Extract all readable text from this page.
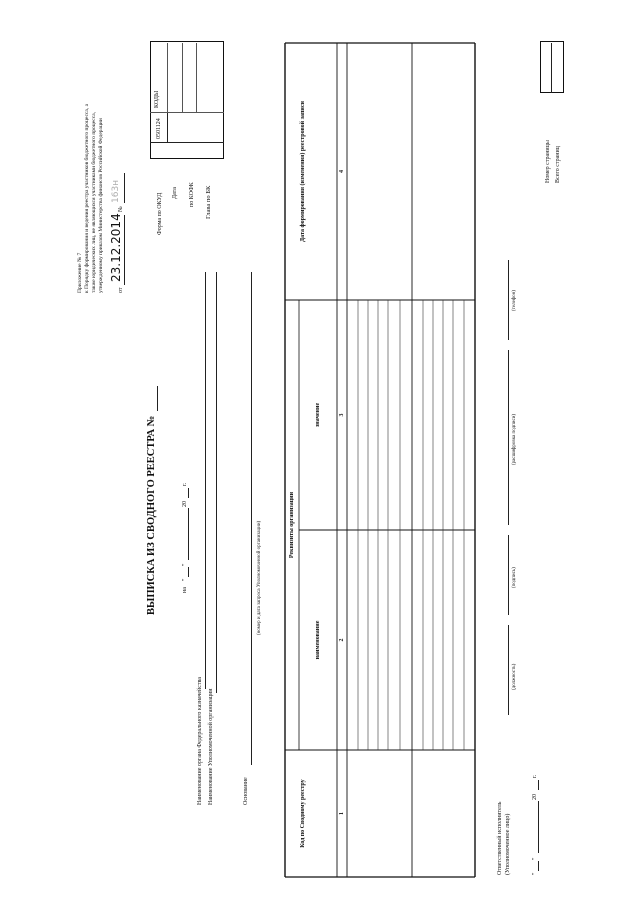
Приложение № 7 к Порядку формирования и ведения реестра участников бюджетного процесса, а также юридических лиц, не являющихся участниками бюджетного процесса, утвержденному приказом Министерства финансов Российской Федерации от
23.12.2014
№
163н
Форма по ОКУД Дата по КОФК Глава по БК
КОДЫ
0501124
Номер страницы Всего страниц
ВЫПИСКА ИЗ СВОДНОГО РЕЕСТРА №	на
"
"
20
г.
Наименование органа Федерального казначейства Наименование Уполномоченной организации	Основание
(номер и дата запроса Уполномоченной организации)
Код по Сводному реестру
Реквизиты организации
наименование
значение
Дата формирования (изменения) реестровой записи
1
2
3
4
Ответственный исполнитель (Уполномоченное лицо)
(должность)
(подпись)
(расшифровка подписи)
(телефон)
"
"
20
г.
